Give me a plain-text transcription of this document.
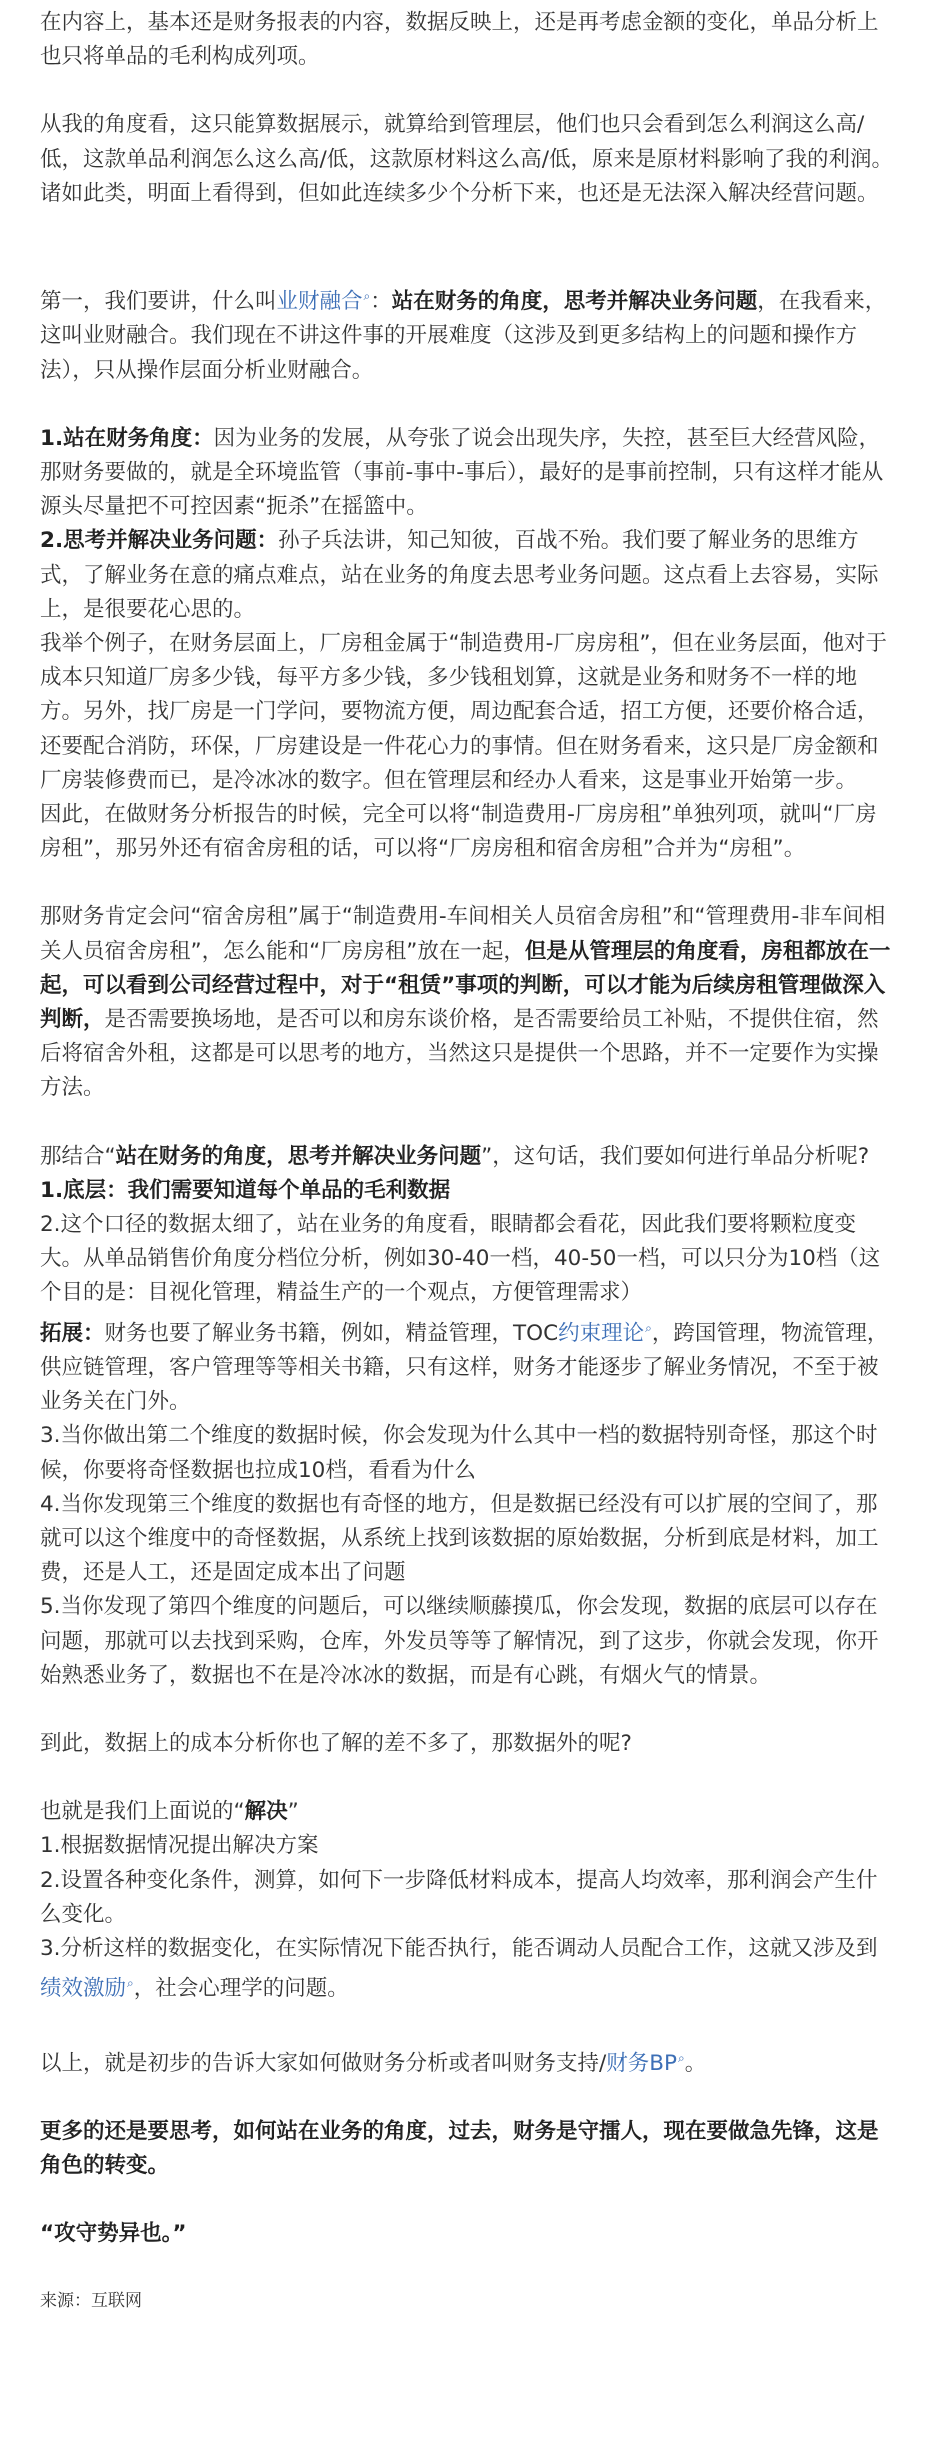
在内容上，基本还是财务报表的内容，数据反映上，还是再考虑金额的变化，单品分析上也只将单品的毛利构成列项。

从我的角度看，这只能算数据展示，就算给到管理层，他们也只会看到怎么利润这么高/低，这款单品利润怎么这么高/低，这款原材料这么高/低，原来是原材料影响了我的利润。诸如此类，明面上看得到，但如此连续多少个分析下来，也还是无法深入解决经营问题。

第一，我们要讲，什么叫业财融合 ⌕ ：站在财务的角度，思考并解决业务问题，在我看来，这叫业财融合。我们现在不讲这件事的开展难度（这涉及到更多结构上的问题和操作方法），只从操作层面分析业财融合。

1.站在财务角度：因为业务的发展，从夸张了说会出现失序，失控，甚至巨大经营风险，那财务要做的，就是全环境监管（事前-事中-事后），最好的是事前控制，只有这样才能从源头尽量把不可控因素“扼杀”在摇篮中。

2.思考并解决业务问题：孙子兵法讲，知己知彼，百战不殆。我们要了解业务的思维方式，了解业务在意的痛点难点，站在业务的角度去思考业务问题。这点看上去容易，实际上，是很要花心思的。

我举个例子，在财务层面上，厂房租金属于“制造费用-厂房房租”，但在业务层面，他对于成本只知道厂房多少钱，每平方多少钱，多少钱租划算，这就是业务和财务不一样的地方。另外，找厂房是一门学问，要物流方便，周边配套合适，招工方便，还要价格合适，还要配合消防，环保，厂房建设是一件花心力的事情。但在财务看来，这只是厂房金额和厂房装修费而已，是冷冰冰的数字。但在管理层和经办人看来，这是事业开始第一步。

因此，在做财务分析报告的时候，完全可以将“制造费用-厂房房租”单独列项，就叫“厂房房租”，那另外还有宿舍房租的话，可以将“厂房房租和宿舍房租”合并为“房租”。

那财务肯定会问“宿舍房租”属于“制造费用-车间相关人员宿舍房租”和“管理费用-非车间相关人员宿舍房租”，怎么能和“厂房房租”放在一起，但是从管理层的角度看，房租都放在一起，可以看到公司经营过程中，对于“租赁”事项的判断，可以才能为后续房租管理做深入判断，是否需要换场地，是否可以和房东谈价格，是否需要给员工补贴，不提供住宿，然后将宿舍外租，这都是可以思考的地方，当然这只是提供一个思路，并不一定要作为实操方法。

那结合“站在财务的角度，思考并解决业务问题”，这句话，我们要如何进行单品分析呢?

1.底层：我们需要知道每个单品的毛利数据

2.这个口径的数据太细了，站在业务的角度看，眼睛都会看花，因此我们要将颗粒度变大。从单品销售价角度分档位分析，例如30-40一档，40-50一档，可以只分为10档（这个目的是：目视化管理，精益生产的一个观点，方便管理需求）

拓展：财务也要了解业务书籍，例如，精益管理，TOC约束理论 ⌕ ，跨国管理，物流管理，供应链管理，客户管理等等相关书籍，只有这样，财务才能逐步了解业务情况，不至于被业务关在门外。

3.当你做出第二个维度的数据时候，你会发现为什么其中一档的数据特别奇怪，那这个时候，你要将奇怪数据也拉成10档，看看为什么

4.当你发现第三个维度的数据也有奇怪的地方，但是数据已经没有可以扩展的空间了，那就可以这个维度中的奇怪数据，从系统上找到该数据的原始数据，分析到底是材料，加工费，还是人工，还是固定成本出了问题

5.当你发现了第四个维度的问题后，可以继续顺藤摸瓜，你会发现，数据的底层可以存在问题，那就可以去找到采购，仓库，外发员等等了解情况，到了这步，你就会发现，你开始熟悉业务了，数据也不在是冷冰冰的数据，而是有心跳，有烟火气的情景。

到此，数据上的成本分析你也了解的差不多了，那数据外的呢?

也就是我们上面说的“解决”

1.根据数据情况提出解决方案

2.设置各种变化条件，测算，如何下一步降低材料成本，提高人均效率，那利润会产生什么变化。

3.分析这样的数据变化，在实际情况下能否执行，能否调动人员配合工作，这就又涉及到绩效激励 ⌕ ，社会心理学的问题。

以上，就是初步的告诉大家如何做财务分析或者叫财务支持/财务BP ⌕ 。

更多的还是要思考，如何站在业务的角度，过去，财务是守擂人，现在要做急先锋，这是角色的转变。

“攻守势异也。”

来源：互联网
